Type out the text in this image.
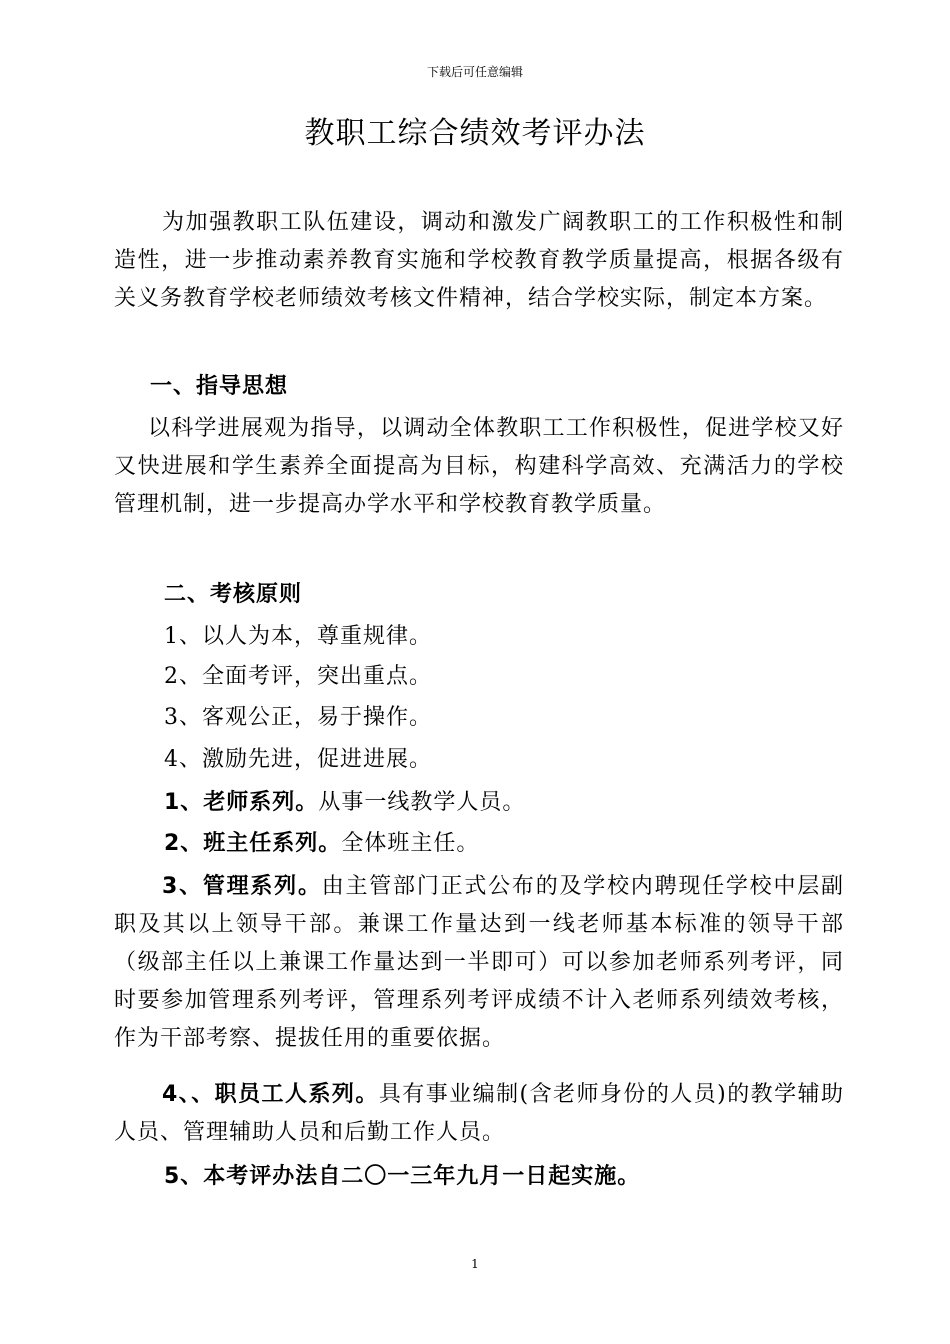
下载后可任意编辑
教职工综合绩效考评办法
为加强教职工队伍建设，调动和激发广阔教职工的工作积极性和制造性，进一步推动素养教育实施和学校教育教学质量提高，根据各级有关义务教育学校老师绩效考核文件精神，结合学校实际，制定本方案。
一、指导思想
以科学进展观为指导，以调动全体教职工工作积极性，促进学校又好又快进展和学生素养全面提高为目标，构建科学高效、充满活力的学校管理机制，进一步提高办学水平和学校教育教学质量。
二、考核原则
1、以人为本，尊重规律。
2、全面考评，突出重点。
3、客观公正，易于操作。
4、激励先进，促进进展。
1、老师系列。从事一线教学人员。
2、班主任系列。全体班主任。
3、管理系列。由主管部门正式公布的及学校内聘现任学校中层副职及其以上领导干部。兼课工作量达到一线老师基本标准的领导干部（级部主任以上兼课工作量达到一半即可）可以参加老师系列考评，同时要参加管理系列考评，管理系列考评成绩不计入老师系列绩效考核，作为干部考察、提拔任用的重要依据。
4、、职员工人系列。具有事业编制(含老师身份的人员)的教学辅助人员、管理辅助人员和后勤工作人员。
5、本考评办法自二〇一三年九月一日起实施。
1
